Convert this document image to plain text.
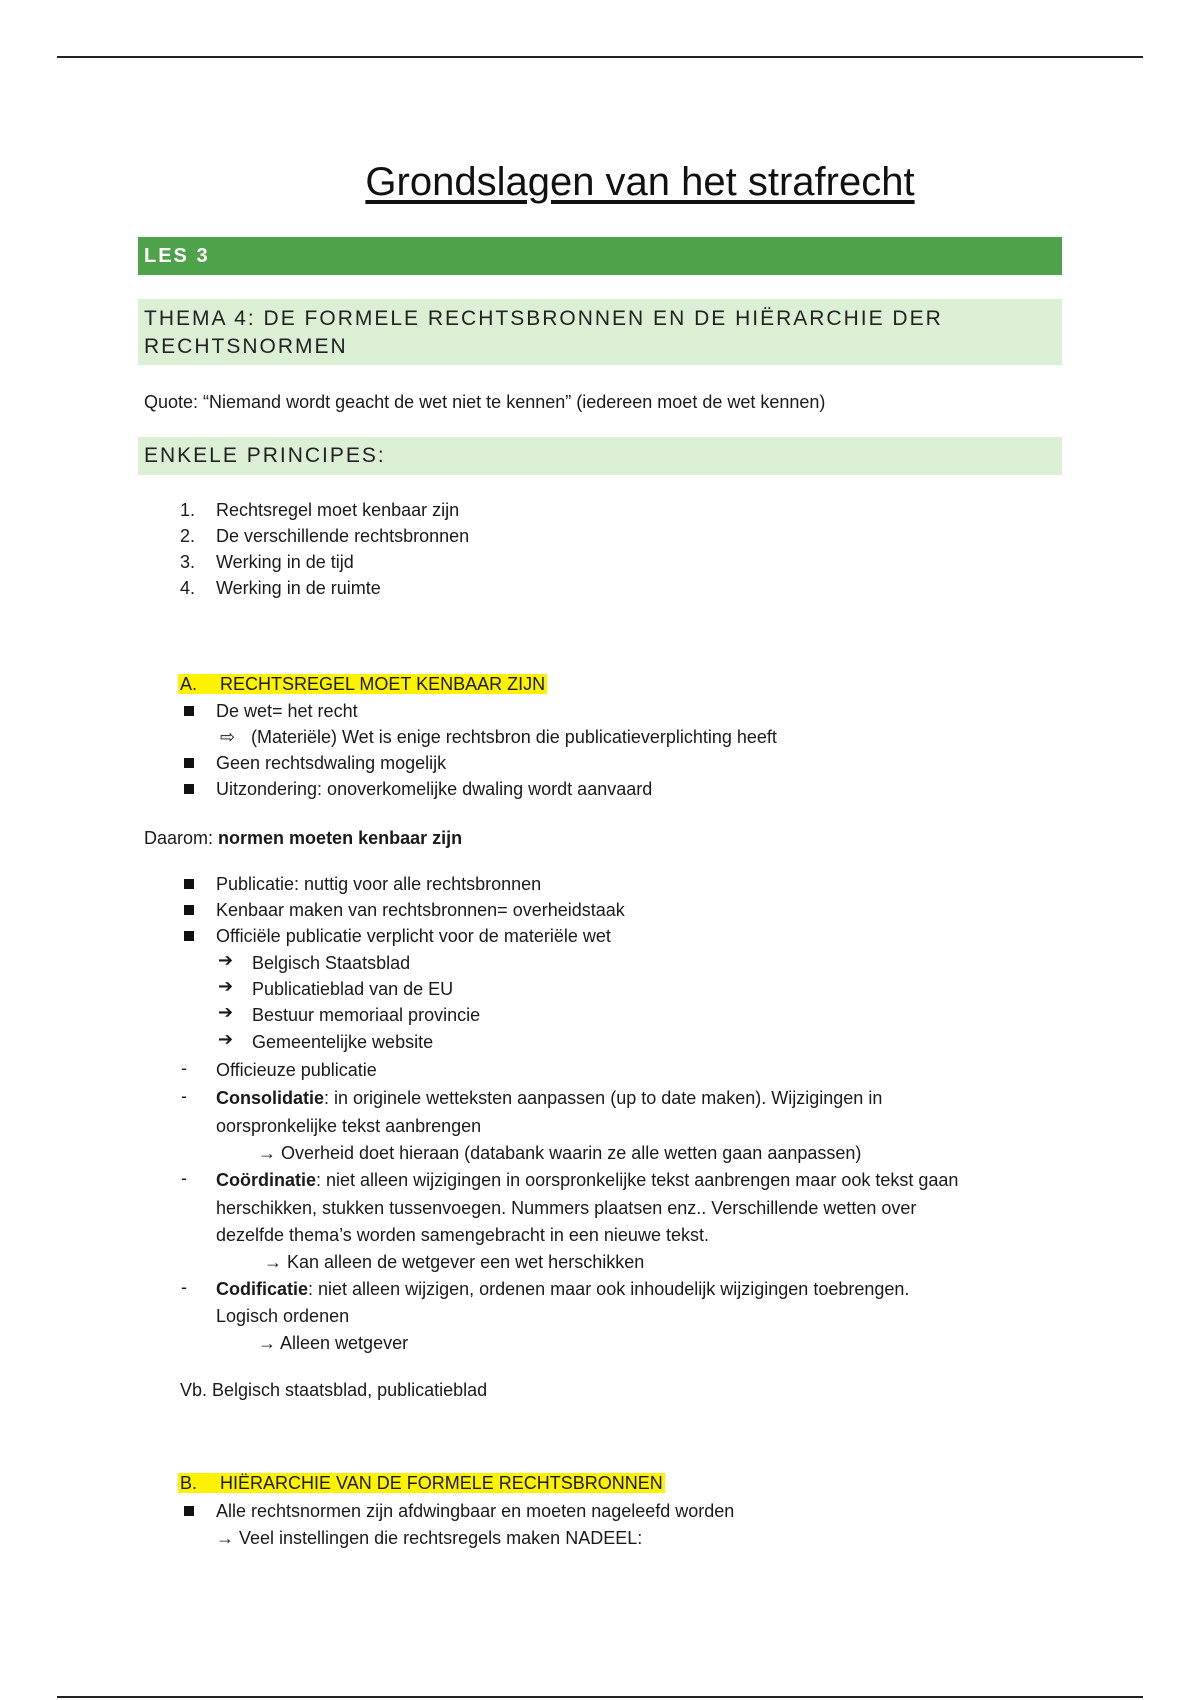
Grondslagen van het strafrecht
LES 3
THEMA 4: DE FORMELE RECHTSBRONNEN EN DE HIËRARCHIE DER
RECHTSNORMEN
Quote: “Niemand wordt geacht de wet niet te kennen” (iedereen moet de wet kennen)
ENKELE PRINCIPES:
1. Rechtsregel moet kenbaar zijn
2. De verschillende rechtsbronnen
3. Werking in de tijd
4. Werking in de ruimte
A. RECHTSREGEL MOET KENBAAR ZIJN
De wet= het recht
⇨ (Materiële) Wet is enige rechtsbron die publicatieverplichting heeft
Geen rechtsdwaling mogelijk
Uitzondering: onoverkomelijke dwaling wordt aanvaard
Daarom: normen moeten kenbaar zijn
Publicatie: nuttig voor alle rechtsbronnen
Kenbaar maken van rechtsbronnen= overheidstaak
Officiële publicatie verplicht voor de materiële wet
➔ Belgisch Staatsblad
➔ Publicatieblad van de EU
➔ Bestuur memoriaal provincie
➔ Gemeentelijke website
- Officieuze publicatie
- Consolidatie: in originele wetteksten aanpassen (up to date maken). Wijzigingen in
oorspronkelijke tekst aanbrengen
→ Overheid doet hieraan (databank waarin ze alle wetten gaan aanpassen)
- Coördinatie: niet alleen wijzigingen in oorspronkelijke tekst aanbrengen maar ook tekst gaan
herschikken, stukken tussenvoegen. Nummers plaatsen enz.. Verschillende wetten over
dezelfde thema’s worden samengebracht in een nieuwe tekst.
→ Kan alleen de wetgever een wet herschikken
- Codificatie: niet alleen wijzigen, ordenen maar ook inhoudelijk wijzigingen toebrengen.
Logisch ordenen
→ Alleen wetgever
Vb. Belgisch staatsblad, publicatieblad
B. HIËRARCHIE VAN DE FORMELE RECHTSBRONNEN
Alle rechtsnormen zijn afdwingbaar en moeten nageleefd worden
→ Veel instellingen die rechtsregels maken NADEEL:
